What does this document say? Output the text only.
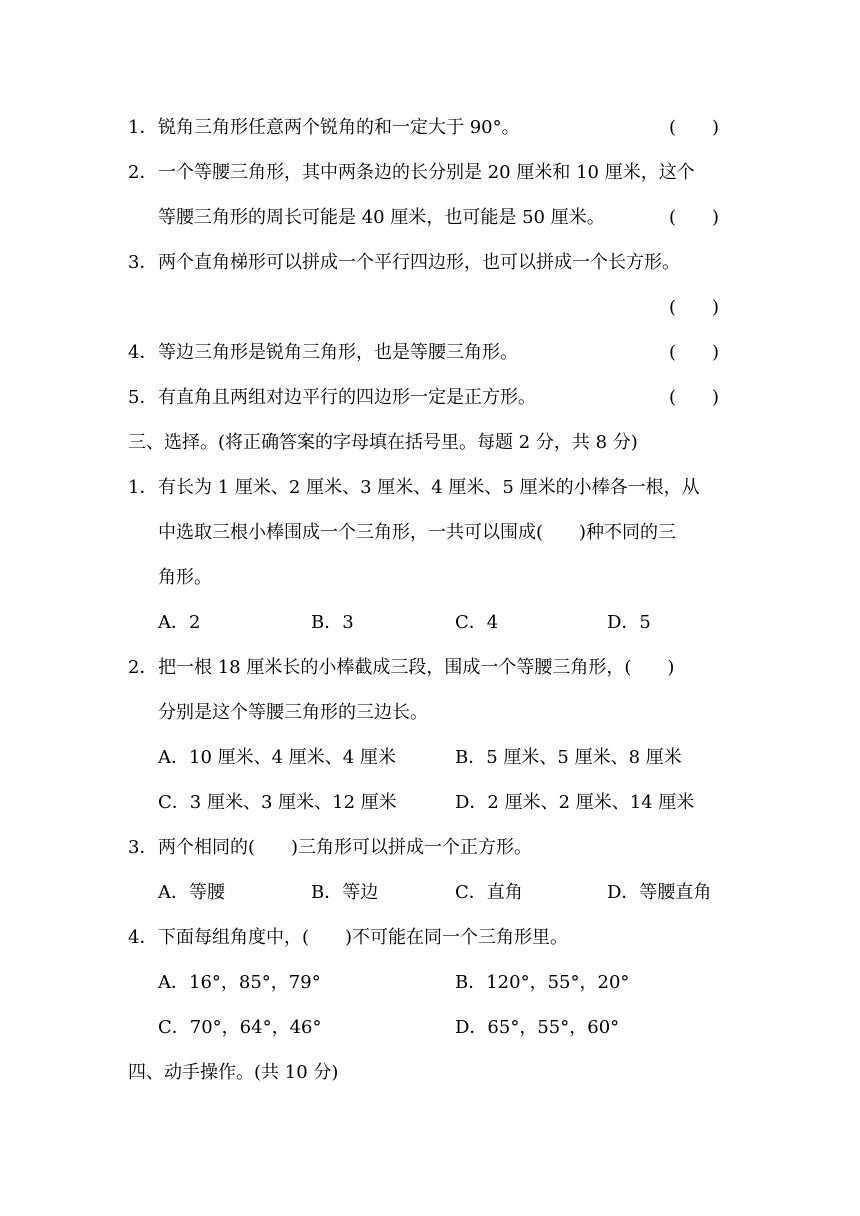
1． 锐角三角形任意两个锐角的和一定大于 90°。	(　　)
2． 一个等腰三角形，其中两条边的长分别是 20 厘米和 10 厘米，这个
等腰三角形的周长可能是 40 厘米，也可能是 50 厘米。	(　　)
3． 两个直角梯形可以拼成一个平行四边形，也可以拼成一个长方形。
(　　)
4． 等边三角形是锐角三角形，也是等腰三角形。	(　　)
5． 有直角且两组对边平行的四边形一定是正方形。	(　　)
三、选择。(将正确答案的字母填在括号里。每题 2 分，共 8 分)
1． 有长为 1 厘米、2 厘米、3 厘米、4 厘米、5 厘米的小棒各一根，从
中选取三根小棒围成一个三角形，一共可以围成(　　)种不同的三
角形。
A．2	B．3	C．4	D．5
2． 把一根 18 厘米长的小棒截成三段，围成一个等腰三角形，(　　)
分别是这个等腰三角形的三边长。
A．10 厘米、4 厘米、4 厘米	B．5 厘米、5 厘米、8 厘米
C．3 厘米、3 厘米、12 厘米	D．2 厘米、2 厘米、14 厘米
3． 两个相同的(　　)三角形可以拼成一个正方形。
A．等腰	B．等边	C．直角	D．等腰直角
4． 下面每组角度中，(　　)不可能在同一个三角形里。
A．16°，85°，79°	B．120°，55°，20°
C．70°，64°，46°	D．65°，55°，60°
四、动手操作。(共 10 分)
